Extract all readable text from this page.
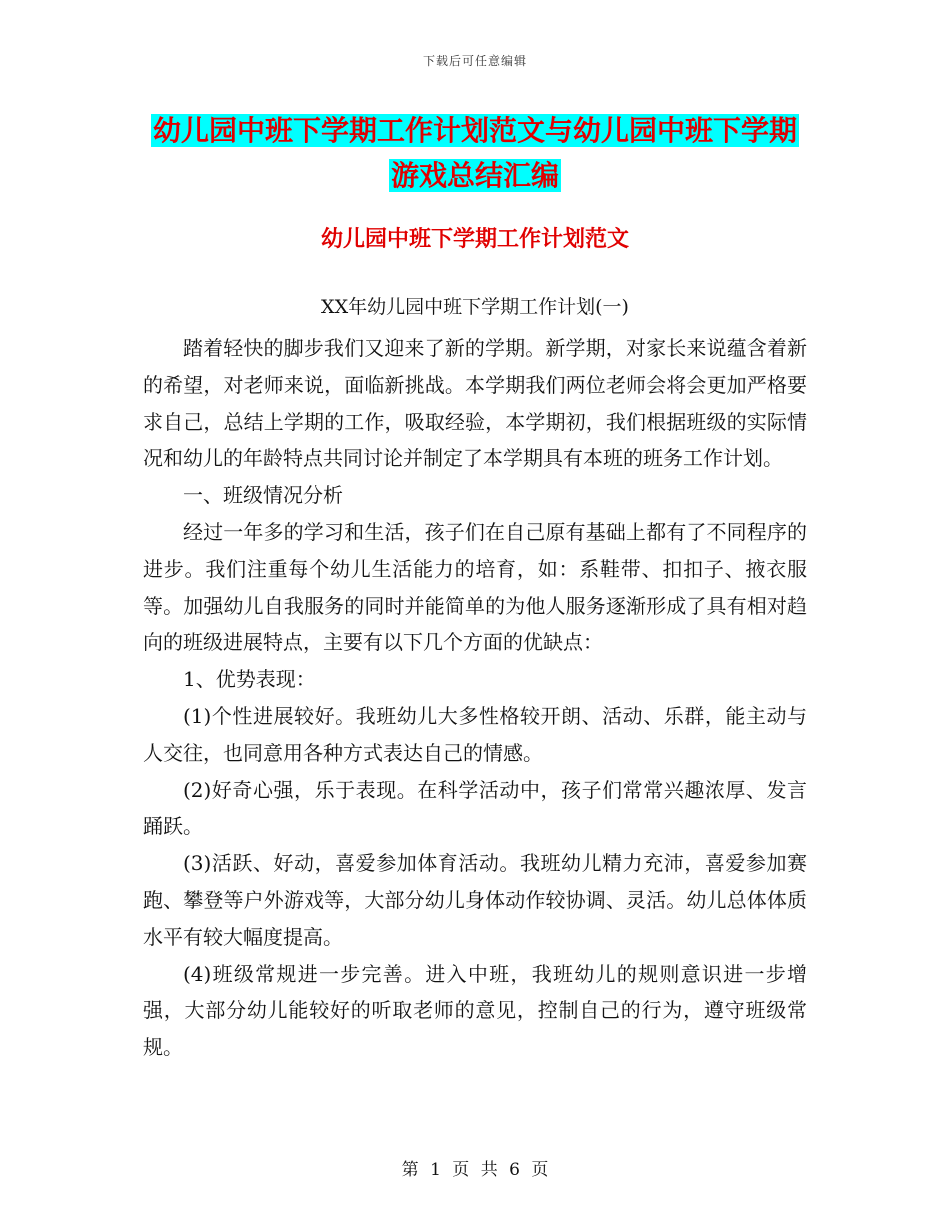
下载后可任意编辑
幼儿园中班下学期工作计划范文与幼儿园中班下学期
游戏总结汇编
幼儿园中班下学期工作计划范文
XX年幼儿园中班下学期工作计划(一)

踏着轻快的脚步我们又迎来了新的学期。新学期，对家长来说蕴含着新的希望，对老师来说，面临新挑战。本学期我们两位老师会将会更加严格要求自己，总结上学期的工作，吸取经验，本学期初，我们根据班级的实际情况和幼儿的年龄特点共同讨论并制定了本学期具有本班的班务工作计划。

一、班级情况分析

经过一年多的学习和生活，孩子们在自己原有基础上都有了不同程序的进步。我们注重每个幼儿生活能力的培育，如：系鞋带、扣扣子、掖衣服等。加强幼儿自我服务的同时并能简单的为他人服务逐渐形成了具有相对趋向的班级进展特点，主要有以下几个方面的优缺点：

1、优势表现：

(1)个性进展较好。我班幼儿大多性格较开朗、活动、乐群，能主动与人交往，也同意用各种方式表达自己的情感。

(2)好奇心强，乐于表现。在科学活动中，孩子们常常兴趣浓厚、发言踊跃。

(3)活跃、好动，喜爱参加体育活动。我班幼儿精力充沛，喜爱参加赛跑、攀登等户外游戏等，大部分幼儿身体动作较协调、灵活。幼儿总体体质水平有较大幅度提高。

(4)班级常规进一步完善。进入中班，我班幼儿的规则意识进一步增强，大部分幼儿能较好的听取老师的意见，控制自己的行为，遵守班级常规。

第 1 页 共 6 页
